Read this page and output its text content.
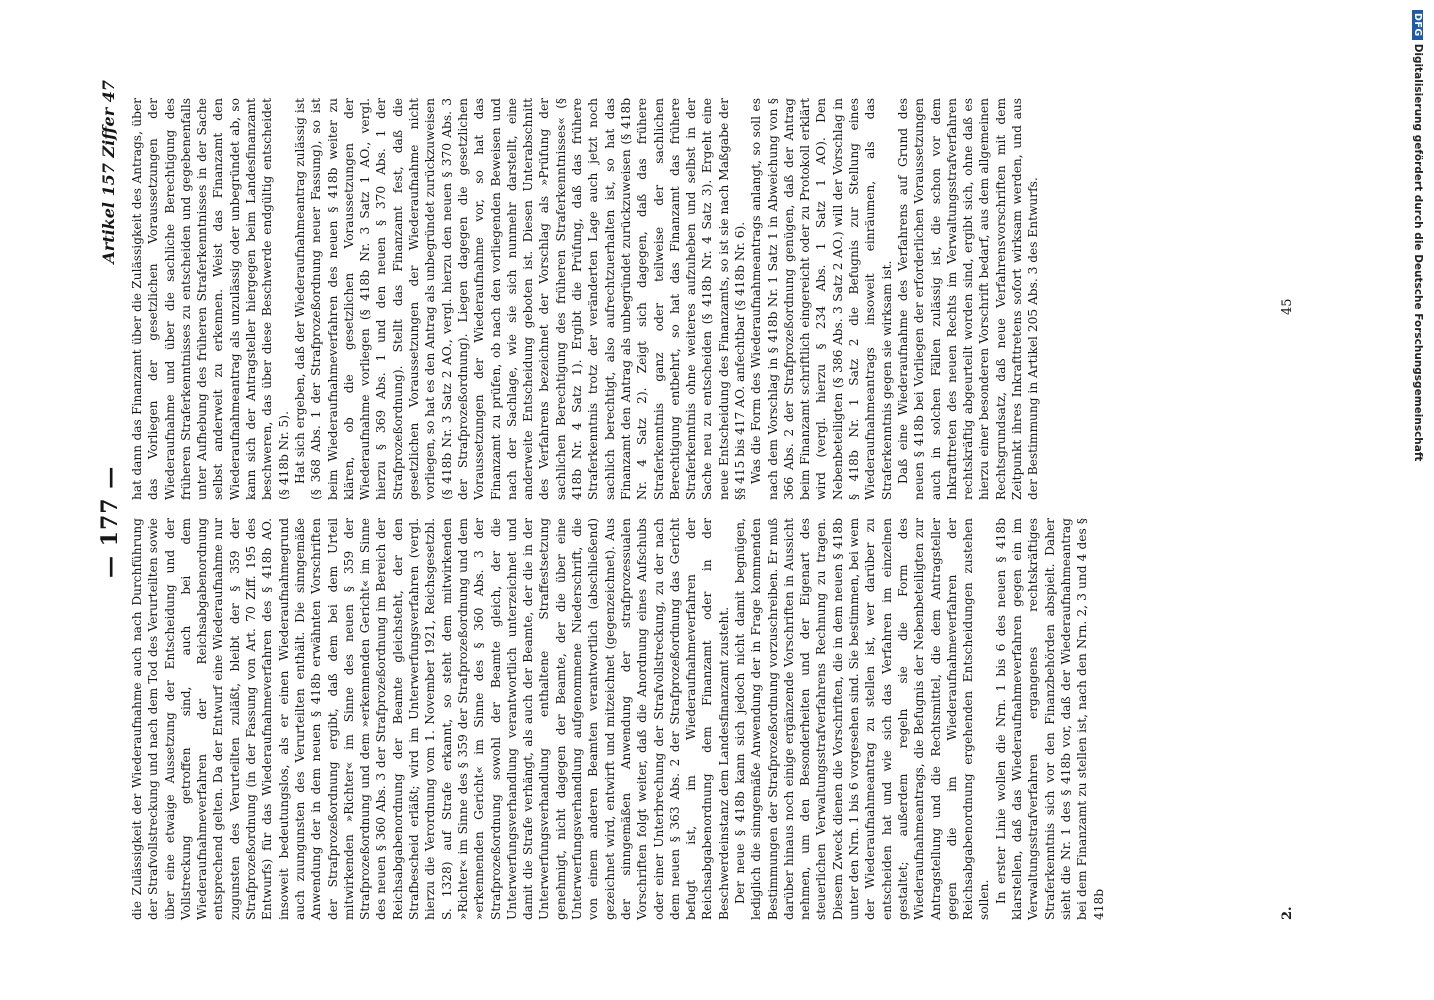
— 177 —
Artikel 157 Ziffer 47

die Zulässigkeit der Wiederaufnahme auch nach Durchführung der Strafvollstreckung und nach dem Tod des Verurteilten sowie über eine etwaige Aussetzung der Entscheidung und der Vollstreckung getroffen sind, auch bei dem Wiederaufnahmeverfahren der Reichsabgabenordnung entsprechend gelten. Da der Entwurf eine Wiederaufnahme nur zugunsten des Verurteilten zuläßt, bleibt der § 359 der Strafprozeßordnung (in der Fassung von Art. 70 Ziff. 195 des Entwurfs) für das Wiederaufnahmeverfahren des § 418b AO. insoweit bedeutungslos, als er einen Wiederaufnahmegrund auch zuungunsten des Verurteilten enthält. Die sinngemäße Anwendung der in dem neuen § 418b erwähnten Vorschriften der Strafprozeßordnung ergibt, daß dem bei dem Urteil mitwirkenden »Richter« im Sinne des neuen § 359 der Strafprozeßordnung und dem »erkennenden Gericht« im Sinne des neuen § 360 Abs. 3 der Strafprozeßordnung im Bereich der Reichsabgabenordnung der Beamte gleichsteht, der den Strafbescheid erläßt; wird im Unterwerfungsverfahren (vergl. hierzu die Verordnung vom 1. November 1921, Reichsgesetzbl. S. 1328) auf Strafe erkannt, so steht dem mitwirkenden »Richter« im Sinne des § 359 der Strafprozeßordnung und dem »erkennenden Gericht« im Sinne des § 360 Abs. 3 der Strafprozeßordnung sowohl der Beamte gleich, der die Unterwerfungsverhandlung verantwortlich unterzeichnet und damit die Strafe verhängt, als auch der Beamte, der die in der Unterwerfungsverhandlung enthaltene Straffestsetzung genehmigt, nicht dagegen der Beamte, der die über eine Unterwerfungsverhandlung aufgenommene Niederschrift, die von einem anderen Beamten verantwortlich (abschließend) gezeichnet wird, entwirft und mitzeichnet (gegenzeichnet). Aus der sinngemäßen Anwendung der strafprozessualen Vorschriften folgt weiter, daß die Anordnung eines Aufschubs oder einer Unterbrechung der Strafvollstreckung, zu der nach dem neuen § 363 Abs. 2 der Strafprozeßordnung das Gericht befugt ist, im Wiederaufnahmeverfahren der Reichsabgabenordnung dem Finanzamt oder in der Beschwerdeinstanz dem Landesfinanzamt zusteht. Der neue § 418b kann sich jedoch nicht damit begnügen, lediglich die sinngemäße Anwendung der in Frage kommenden Bestimmungen der Strafprozeßordnung vorzuschreiben. Er muß darüber hinaus noch einige ergänzende Vorschriften in Aussicht nehmen, um den Besonderheiten und der Eigenart des steuerlichen Verwaltungsstrafverfahrens Rechnung zu tragen. Diesem Zweck dienen die Vorschriften, die in dem neuen § 418b unter den Nrn. 1 bis 6 vorgesehen sind. Sie bestimmen, bei wem der Wiederaufnahmeantrag zu stellen ist, wer darüber zu entscheiden hat und wie sich das Verfahren im einzelnen gestaltet; außerdem regeln sie die Form des Wiederaufnahmeantrags, die Befugnis der Nebenbeteiligten zur Antragstellung und die Rechtsmittel, die dem Antragsteller gegen die im Wiederaufnahmeverfahren der Reichsabgabenordnung ergehenden Entscheidungen zustehen sollen. In erster Linie wollen die Nrn. 1 bis 6 des neuen § 418b klarstellen, daß das Wiederaufnahmeverfahren gegen ein im Verwaltungsstrafverfahren ergangenes rechtskräftiges Straferkenntnis sich vor den Finanzbehörden abspielt. Daher sieht die Nr. 1 des § 418b vor, daß der Wiederaufnahmeantrag bei dem Finanzamt zu stellen ist, nach den Nrn. 2, 3 und 4 des § 418b

hat dann das Finanzamt über die Zulässigkeit des Antrags, über das Vorliegen der gesetzlichen Voraussetzungen der Wiederaufnahme und über die sachliche Berechtigung des früheren Straferkenntnisses zu entscheiden und gegebenenfalls unter Aufhebung des früheren Straferkenntnisses in der Sache selbst anderweit zu erkennen. Weist das Finanzamt den Wiederaufnahmeantrag als unzulässig oder unbegründet ab, so kann sich der Antragsteller hiergegen beim Landesfinanzamt beschweren, das über diese Beschwerde endgültig entscheidet (§ 418b Nr. 5). Hat sich ergeben, daß der Wiederaufnahmeantrag zulässig ist (§ 368 Abs. 1 der Strafprozeßordnung neuer Fassung), so ist beim Wiederaufnahmeverfahren des neuen § 418b weiter zu klären, ob die gesetzlichen Voraussetzungen der Wiederaufnahme vorliegen (§ 418b Nr. 3 Satz 1 AO., vergl. hierzu § 369 Abs. 1 und den neuen § 370 Abs. 1 der Strafprozeßordnung). Stellt das Finanzamt fest, daß die gesetzlichen Voraussetzungen der Wiederaufnahme nicht vorliegen, so hat es den Antrag als unbegründet zurückzuweisen (§ 418b Nr. 3 Satz 2 AO., vergl. hierzu den neuen § 370 Abs. 3 der Strafprozeßordnung). Liegen dagegen die gesetzlichen Voraussetzungen der Wiederaufnahme vor, so hat das Finanzamt zu prüfen, ob nach den vorliegenden Beweisen und nach der Sachlage, wie sie sich nunmehr darstellt, eine anderweite Entscheidung geboten ist. Diesen Unterabschnitt des Verfahrens bezeichnet der Vorschlag als »Prüfung der sachlichen Berechtigung des früheren Straferkenntnisses« (§ 418b Nr. 4 Satz 1). Ergibt die Prüfung, daß das frühere Straferkenntnis trotz der veränderten Lage auch jetzt noch sachlich berechtigt, also aufrechtzuerhalten ist, so hat das Finanzamt den Antrag als unbegründet zurückzuweisen (§ 418b Nr. 4 Satz 2). Zeigt sich dagegen, daß das frühere Straferkenntnis ganz oder teilweise der sachlichen Berechtigung entbehrt, so hat das Finanzamt das frühere Straferkenntnis ohne weiteres aufzuheben und selbst in der Sache neu zu entscheiden (§ 418b Nr. 4 Satz 3). Ergeht eine neue Entscheidung des Finanzamts, so ist sie nach Maßgabe der §§ 415 bis 417 AO. anfechtbar (§ 418b Nr. 6). Was die Form des Wiederaufnahmeantrags anlangt, so soll es nach dem Vorschlag in § 418b Nr. 1 Satz 1 in Abweichung von § 366 Abs. 2 der Strafprozeßordnung genügen, daß der Antrag beim Finanzamt schriftlich eingereicht oder zu Protokoll erklärt wird (vergl. hierzu § 234 Abs. 1 Satz 1 AO). Den Nebenbeteiligten (§ 386 Abs. 3 Satz 2 AO.) will der Vorschlag in § 418b Nr. 1 Satz 2 die Befugnis zur Stellung eines Wiederaufnahmeantrags insoweit einräumen, als das Straferkenntnis gegen sie wirksam ist. Daß eine Wiederaufnahme des Verfahrens auf Grund des neuen § 418b bei Vorliegen der erforderlichen Voraussetzungen auch in solchen Fällen zulässig ist, die schon vor dem Inkrafttreten des neuen Rechts im Verwaltungsstrafverfahren rechtskräftig abgeurteilt worden sind, ergibt sich, ohne daß es hierzu einer besonderen Vorschrift bedarf, aus dem allgemeinen Rechtsgrundsatz, daß neue Verfahrensvorschriften mit dem Zeitpunkt ihres Inkrafttretens sofort wirksam werden, und aus der Bestimmung in Artikel 205 Abs. 3 des Entwurfs.

2.
45
DFGDigitalisierung gefördert durch die Deutsche Forschungsgemeinschaft
